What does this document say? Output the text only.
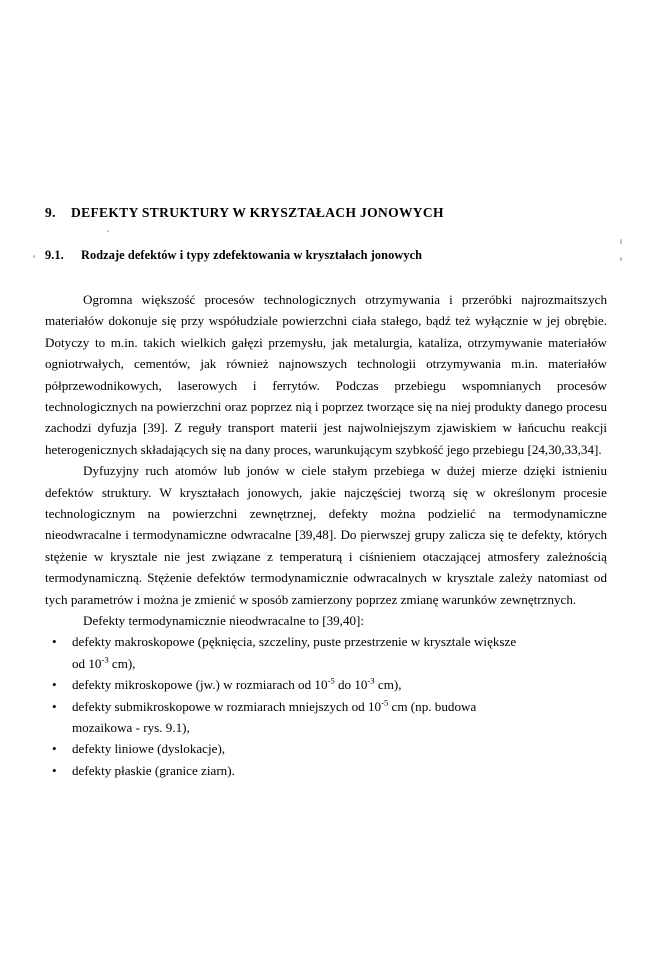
9. DEFEKTY STRUKTURY W KRYSZTAŁACH JONOWYCH
9.1. Rodzaje defektów i typy zdefektowania w kryształach jonowych

Ogromna większość procesów technologicznych otrzymywania i przeróbki najrozmaitszych materiałów dokonuje się przy współudziale powierzchni ciała stałego, bądź też wyłącznie w jej obrębie. Dotyczy to m.in. takich wielkich gałęzi przemysłu, jak metalurgia, kataliza, otrzymywanie materiałów ogniotrwałych, cementów, jak również najnowszych technologii otrzymywania m.in. materiałów półprzewodnikowych, laserowych i ferrytów. Podczas przebiegu wspomnianych procesów technologicznych na powierzchni oraz poprzez nią i poprzez tworzące się na niej produkty danego procesu zachodzi dyfuzja [39]. Z reguły transport materii jest najwolniejszym zjawiskiem w łańcuchu reakcji heterogenicznych składających się na dany proces, warunkującym szybkość jego przebiegu [24,30,33,34].

Dyfuzyjny ruch atomów lub jonów w ciele stałym przebiega w dużej mierze dzięki istnieniu defektów struktury. W kryształach jonowych, jakie najczęściej tworzą się w określonym procesie technologicznym na powierzchni zewnętrznej, defekty można podzielić na termodynamiczne nieodwracalne i termodynamiczne odwracalne [39,48]. Do pierwszej grupy zalicza się te defekty, których stężenie w krysztale nie jest związane z temperaturą i ciśnieniem otaczającej atmosfery zależnością termodynamiczną. Stężenie defektów termodynamicznie odwracalnych w krysztale zależy natomiast od tych parametrów i można je zmienić w sposób zamierzony poprzez zmianę warunków zewnętrznych.

Defekty termodynamicznie nieodwracalne to [39,40]:

• defekty makroskopowe (pęknięcia, szczeliny, puste przestrzenie w krysztale większe
od $10^{-3}$ cm),
• defekty mikroskopowe (jw.) w rozmiarach od $10^{-5}$ do $10^{-3}$ cm),
• defekty submikroskopowe w rozmiarach mniejszych od $10^{-5}$ cm (np. budowa
mozaikowa - rys. 9.1),
• defekty liniowe (dyslokacje),
• defekty płaskie (granice ziarn).
